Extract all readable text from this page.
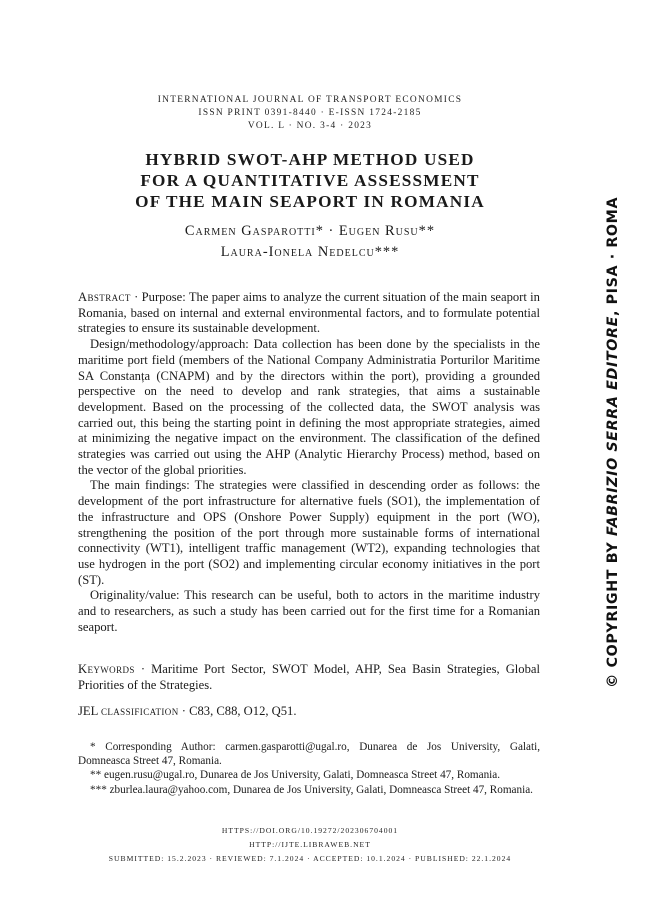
INTERNATIONAL JOURNAL OF TRANSPORT ECONOMICS
ISSN PRINT 0391-8440 · E-ISSN 1724-2185
VOL. L · NO. 3-4 · 2023
HYBRID SWOT-AHP METHOD USED
FOR A QUANTITATIVE ASSESSMENT
OF THE MAIN SEAPORT IN ROMANIA
Carmen Gasparotti* · Eugen Rusu**
Laura-Ionela Nedelcu***

Abstract · Purpose: The paper aims to analyze the current situation of the main seaport in Romania, based on internal and external environmental factors, and to formulate potential strategies to ensure its sustainable development.

Design/methodology/approach: Data collection has been done by the specialists in the maritime port field (members of the National Company Administratia Porturilor Maritime SA Constanța (CNAPM) and by the directors within the port), providing a grounded perspective on the need to develop and rank strategies, that aims a sustainable development. Based on the processing of the collected data, the SWOT analysis was carried out, this being the starting point in defining the most appropriate strategies, aimed at minimizing the negative impact on the environment. The classification of the defined strategies was carried out using the AHP (Analytic Hierarchy Process) method, based on the vector of the global priorities.

The main findings: The strategies were classified in descending order as follows: the development of the port infrastructure for alternative fuels (SO1), the implementation of the infrastructure and OPS (Onshore Power Supply) equipment in the port (WO), strengthening the position of the port through more sustainable forms of international connectivity (WT1), intelligent traffic management (WT2), expanding technologies that use hydrogen in the port (SO2) and implementing circular economy initiatives in the port (ST).

Originality/value: This research can be useful, both to actors in the maritime industry and to researchers, as such a study has been carried out for the first time for a Romanian seaport.

Keywords · Maritime Port Sector, SWOT Model, AHP, Sea Basin Strategies, Global Priorities of the Strategies.

JEL classification · C83, C88, O12, Q51.

* Corresponding Author: carmen.gasparotti@ugal.ro, Dunarea de Jos University, Galati, Domneasca Street 47, Romania.

** eugen.rusu@ugal.ro, Dunarea de Jos University, Galati, Domneasca Street 47, Romania.

*** zburlea.laura@yahoo.com, Dunarea de Jos University, Galati, Domneasca Street 47, Romania.

HTTPS://DOI.ORG/10.19272/202306704001
HTTP://IJTE.LIBRAWEB.NET
SUBMITTED: 15.2.2023 · REVIEWED: 7.1.2024 · ACCEPTED: 10.1.2024 · PUBLISHED: 22.1.2024
© COPYRIGHT BY FABRIZIO SERRA EDITORE, PISA · ROMA
